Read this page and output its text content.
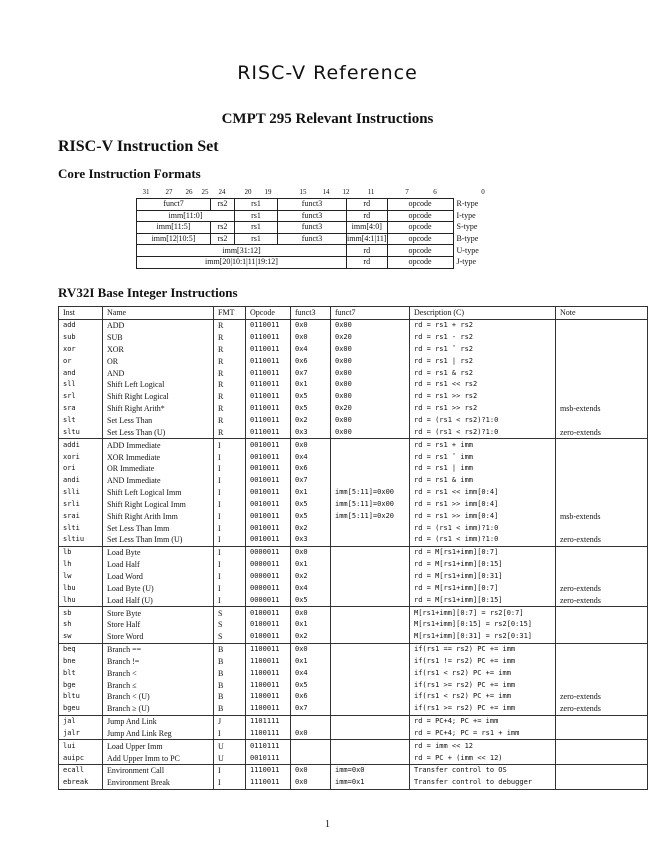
RISC-V Reference
CMPT 295 Relevant Instructions
RISC-V Instruction Set
Core Instruction Formats
31	27	26	25	24	20	19	15	14	12	11	7	6	0
funct7	rs2	rs1	funct3	rd	opcode	R-type
imm[11:0]		rs1	funct3	rd	opcode	I-type
imm[11:5]	rs2	rs1	funct3	imm[4:0]	opcode	S-type
imm[12|10:5]	rs2	rs1	funct3	imm[4:1|11]	opcode	B-type
imm[31:12]				rd	opcode	U-type
imm[20|10:1|11|19:12]				rd	opcode	J-type
RV32I Base Integer Instructions
Inst	Name	FMT	Opcode	funct3	funct7	Description (C)	Note
add	ADD	R	0110011	0x0	0x00	rd = rs1 + rs2	
sub	SUB	R	0110011	0x0	0x20	rd = rs1 - rs2	
xor	XOR	R	0110011	0x4	0x00	rd = rs1 ˆ rs2	
or	OR	R	0110011	0x6	0x00	rd = rs1 | rs2	
and	AND	R	0110011	0x7	0x00	rd = rs1 & rs2	
sll	Shift Left Logical	R	0110011	0x1	0x00	rd = rs1 << rs2	
srl	Shift Right Logical	R	0110011	0x5	0x00	rd = rs1 >> rs2	
sra	Shift Right Arith*	R	0110011	0x5	0x20	rd = rs1 >> rs2	msb-extends
slt	Set Less Than	R	0110011	0x2	0x00	rd = (rs1 < rs2)?1:0	
sltu	Set Less Than (U)	R	0110011	0x3	0x00	rd = (rs1 < rs2)?1:0	zero-extends
addi	ADD Immediate	I	0010011	0x0		rd = rs1 + imm	
xori	XOR Immediate	I	0010011	0x4		rd = rs1 ˆ imm	
ori	OR Immediate	I	0010011	0x6		rd = rs1 | imm	
andi	AND Immediate	I	0010011	0x7		rd = rs1 & imm	
slli	Shift Left Logical Imm	I	0010011	0x1	imm[5:11]=0x00	rd = rs1 << imm[0:4]	
srli	Shift Right Logical Imm	I	0010011	0x5	imm[5:11]=0x00	rd = rs1 >> imm[0:4]	
srai	Shift Right Arith Imm	I	0010011	0x5	imm[5:11]=0x20	rd = rs1 >> imm[0:4]	msb-extends
slti	Set Less Than Imm	I	0010011	0x2		rd = (rs1 < imm)?1:0	
sltiu	Set Less Than Imm (U)	I	0010011	0x3		rd = (rs1 < imm)?1:0	zero-extends
lb	Load Byte	I	0000011	0x0		rd = M[rs1+imm][0:7]	
lh	Load Half	I	0000011	0x1		rd = M[rs1+imm][0:15]	
lw	Load Word	I	0000011	0x2		rd = M[rs1+imm][0:31]	
lbu	Load Byte (U)	I	0000011	0x4		rd = M[rs1+imm][0:7]	zero-extends
lhu	Load Half (U)	I	0000011	0x5		rd = M[rs1+imm][0:15]	zero-extends
sb	Store Byte	S	0100011	0x0		M[rs1+imm][0:7] = rs2[0:7]	
sh	Store Half	S	0100011	0x1		M[rs1+imm][0:15] = rs2[0:15]	
sw	Store Word	S	0100011	0x2		M[rs1+imm][0:31] = rs2[0:31]	
beq	Branch ==	B	1100011	0x0		if(rs1 == rs2) PC += imm	
bne	Branch !=	B	1100011	0x1		if(rs1 != rs2) PC += imm	
blt	Branch <	B	1100011	0x4		if(rs1 < rs2) PC += imm	
bge	Branch ≤	B	1100011	0x5		if(rs1 >= rs2) PC += imm	
bltu	Branch < (U)	B	1100011	0x6		if(rs1 < rs2) PC += imm	zero-extends
bgeu	Branch ≥ (U)	B	1100011	0x7		if(rs1 >= rs2) PC += imm	zero-extends
jal	Jump And Link	J	1101111			rd = PC+4; PC += imm	
jalr	Jump And Link Reg	I	1100111	0x0		rd = PC+4; PC = rs1 + imm	
lui	Load Upper Imm	U	0110111			rd = imm << 12	
auipc	Add Upper Imm to PC	U	0010111			rd = PC + (imm << 12)	
ecall	Environment Call	I	1110011	0x0	imm=0x0	Transfer control to OS	
ebreak	Environment Break	I	1110011	0x0	imm=0x1	Transfer control to debugger	
1
